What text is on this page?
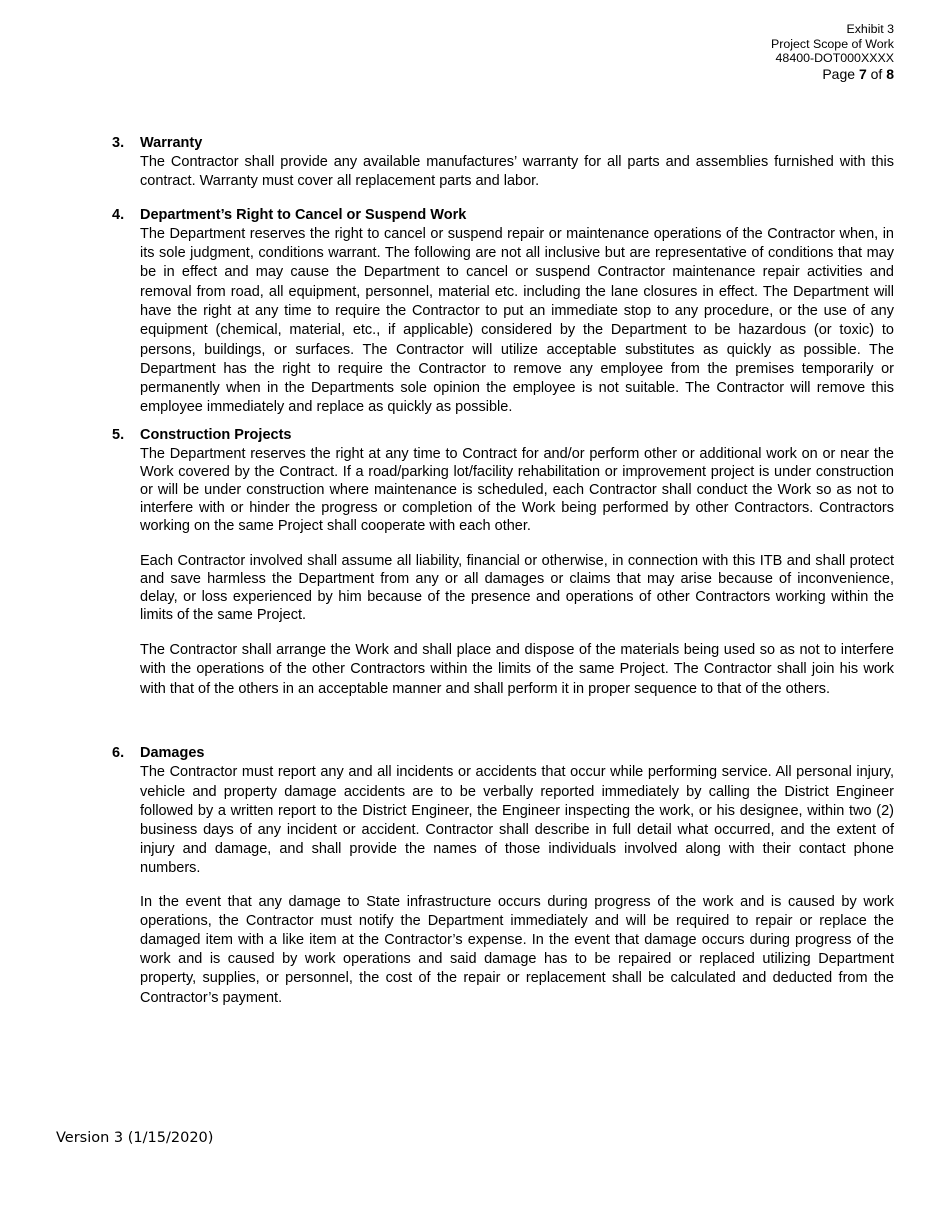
Exhibit 3
Project Scope of Work
48400-DOT000XXXX
Page 7 of 8
3. Warranty

The Contractor shall provide any available manufactures’ warranty for all parts and assemblies furnished with this contract. Warranty must cover all replacement parts and labor.

4. Department’s Right to Cancel or Suspend Work

The Department reserves the right to cancel or suspend repair or maintenance operations of the Contractor when, in its sole judgment, conditions warrant. The following are not all inclusive but are representative of conditions that may be in effect and may cause the Department to cancel or suspend Contractor maintenance repair activities and removal from road, all equipment, personnel, material etc. including the lane closures in effect. The Department will have the right at any time to require the Contractor to put an immediate stop to any procedure, or the use of any equipment (chemical, material, etc., if applicable) considered by the Department to be hazardous (or toxic) to persons, buildings, or surfaces. The Contractor will utilize acceptable substitutes as quickly as possible. The Department has the right to require the Contractor to remove any employee from the premises temporarily or permanently when in the Departments sole opinion the employee is not suitable. The Contractor will remove this employee immediately and replace as quickly as possible.

5. Construction Projects

The Department reserves the right at any time to Contract for and/or perform other or additional work on or near the Work covered by the Contract. If a road/parking lot/facility rehabilitation or improvement project is under construction or will be under construction where maintenance is scheduled, each Contractor shall conduct the Work so as not to interfere with or hinder the progress or completion of the Work being performed by other Contractors. Contractors working on the same Project shall cooperate with each other.

Each Contractor involved shall assume all liability, financial or otherwise, in connection with this ITB and shall protect and save harmless the Department from any or all damages or claims that may arise because of inconvenience, delay, or loss experienced by him because of the presence and operations of other Contractors working within the limits of the same Project.

The Contractor shall arrange the Work and shall place and dispose of the materials being used so as not to interfere with the operations of the other Contractors within the limits of the same Project. The Contractor shall join his work with that of the others in an acceptable manner and shall perform it in proper sequence to that of the others.

6. Damages

The Contractor must report any and all incidents or accidents that occur while performing service. All personal injury, vehicle and property damage accidents are to be verbally reported immediately by calling the District Engineer followed by a written report to the District Engineer, the Engineer inspecting the work, or his designee, within two (2) business days of any incident or accident. Contractor shall describe in full detail what occurred, and the extent of injury and damage, and shall provide the names of those individuals involved along with their contact phone numbers.

In the event that any damage to State infrastructure occurs during progress of the work and is caused by work operations, the Contractor must notify the Department immediately and will be required to repair or replace the damaged item with a like item at the Contractor’s expense. In the event that damage occurs during progress of the work and is caused by work operations and said damage has to be repaired or replaced utilizing Department property, supplies, or personnel, the cost of the repair or replacement shall be calculated and deducted from the Contractor’s payment.

Version 3 (1/15/2020)
